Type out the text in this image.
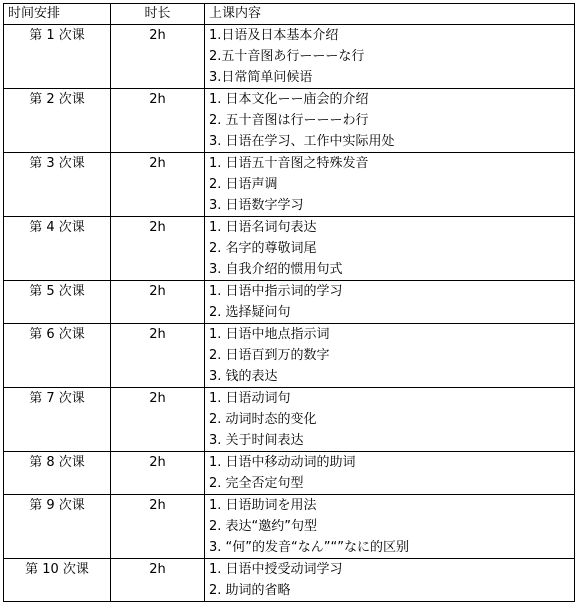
时间安排	时长	上课内容
第 1 次课	2h	1.日语及日本基本介绍
2.五十音图あ行ーーーな行
3.日常简单问候语

第 2 次课	2h	1. 日本文化ーー庙会的介绍
2. 五十音图は行ーーーわ行
3. 日语在学习、工作中实际用处

第 3 次课	2h	1. 日语五十音图之特殊发音
2. 日语声调
3. 日语数字学习

第 4 次课	2h	1. 日语名词句表达
2. 名字的尊敬词尾
3. 自我介绍的惯用句式

第 5 次课	2h	1. 日语中指示词的学习
2. 选择疑问句

第 6 次课	2h	1. 日语中地点指示词
2. 日语百到万的数字
3. 钱的表达

第 7 次课	2h	1. 日语动词句
2. 动词时态的变化
3. 关于时间表达

第 8 次课	2h	1. 日语中移动动词的助词
2. 完全否定句型

第 9 次课	2h	1. 日语助词を用法
2. 表达“邀约”句型
3. “何”的发音“なん”“”なに的区别

第 10 次课	2h	1. 日语中授受动词学习
2. 助词的省略
